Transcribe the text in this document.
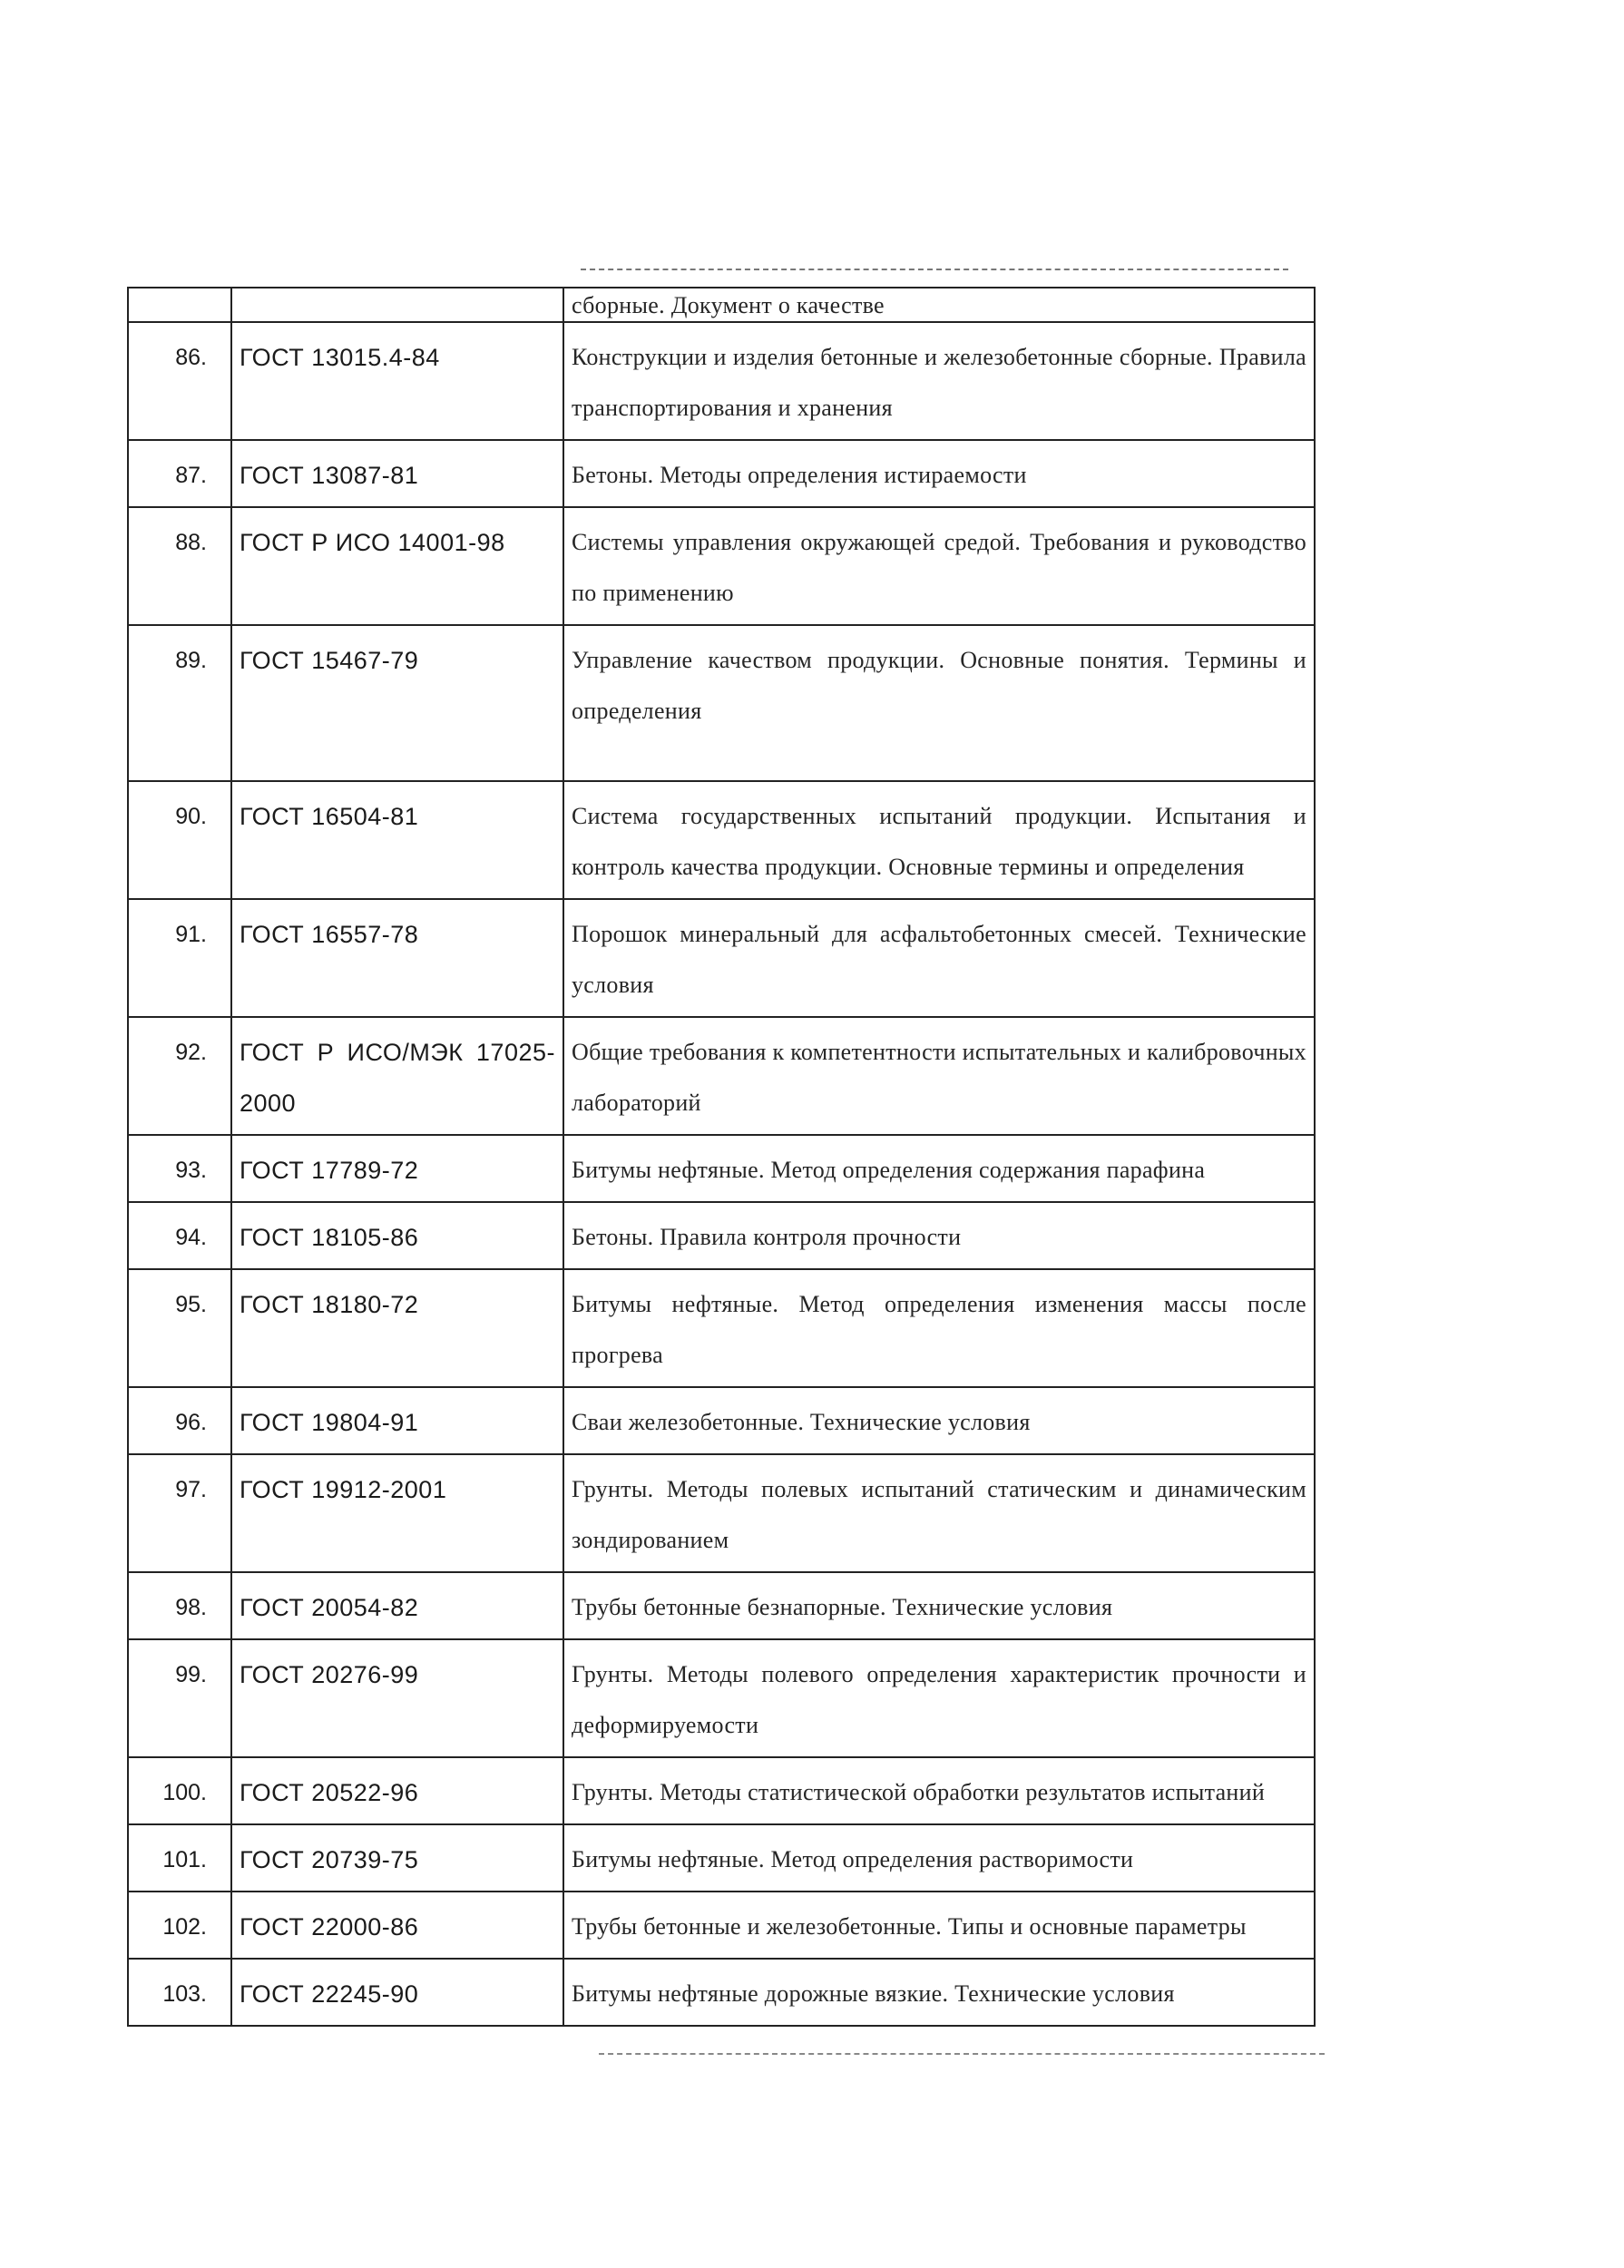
		сборные. Документ о качестве
86.	ГОСТ 13015.4-84	Конструкции и изделия бетонные и железобетонные сборные. Правила транспортирования и хранения
87.	ГОСТ 13087-81	Бетоны. Методы определения истираемости
88.	ГОСТ Р ИСО 14001-98	Системы управления окружающей средой. Требования и руководство по применению
89.	ГОСТ 15467-79	Управление качеством продукции. Основные понятия. Термины и определения
90.	ГОСТ 16504-81	Система государственных испытаний продукции. Испытания и контроль качества продукции. Основные термины и определения
91.	ГОСТ 16557-78	Порошок минеральный для асфальтобетонных смесей. Технические условия
92.	ГОСТ Р ИСО/МЭК 17025-2000	Общие требования к компетентности испытательных и калибровочных лабораторий
93.	ГОСТ 17789-72	Битумы нефтяные. Метод определения содержания парафина
94.	ГОСТ 18105-86	Бетоны. Правила контроля прочности
95.	ГОСТ 18180-72	Битумы нефтяные. Метод определения изменения массы после прогрева
96.	ГОСТ 19804-91	Сваи железобетонные. Технические условия
97.	ГОСТ 19912-2001	Грунты. Методы полевых испытаний статическим и динамическим зондированием
98.	ГОСТ 20054-82	Трубы бетонные безнапорные. Технические условия
99.	ГОСТ 20276-99	Грунты. Методы полевого определения характеристик прочности и деформируемости
100.	ГОСТ 20522-96	Грунты. Методы статистической обработки результатов испытаний
101.	ГОСТ 20739-75	Битумы нефтяные. Метод определения растворимости
102.	ГОСТ 22000-86	Трубы бетонные и железобетонные. Типы и основные параметры
103.	ГОСТ 22245-90	Битумы нефтяные дорожные вязкие. Технические условия
